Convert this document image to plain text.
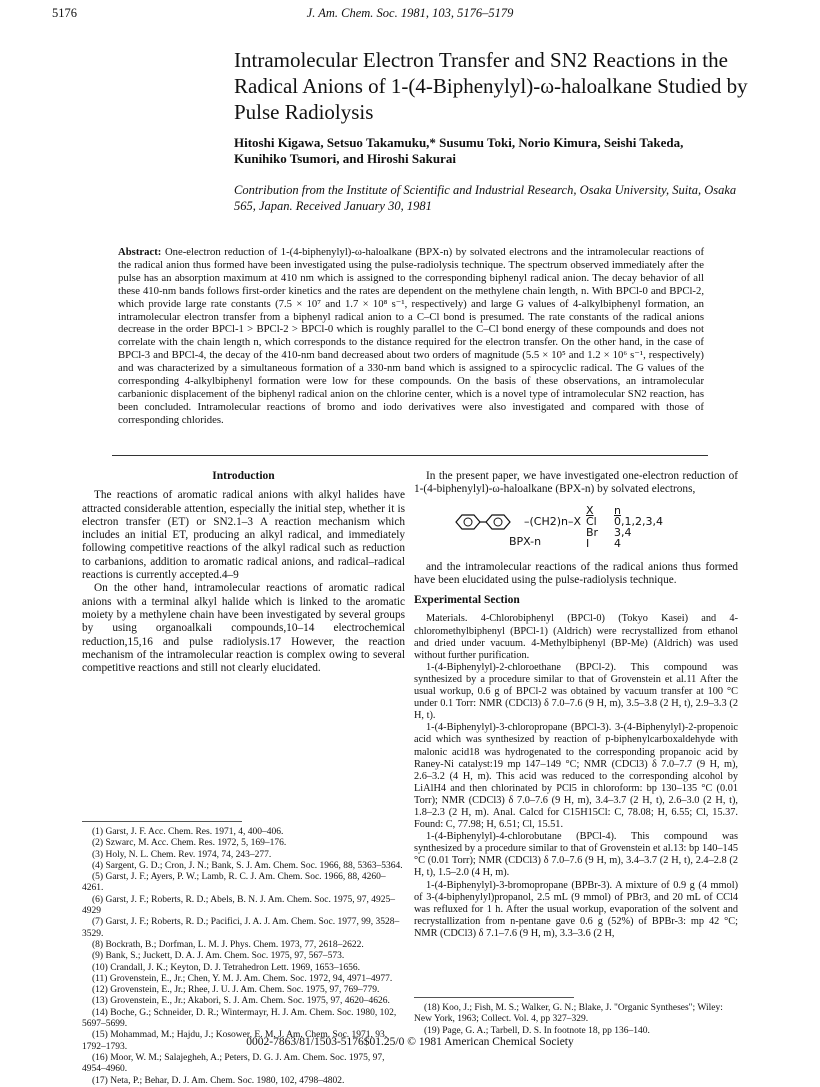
5176	J. Am. Chem. Soc. 1981, 103, 5176–5179
Intramolecular Electron Transfer and SN2 Reactions in the Radical Anions of 1-(4-Biphenylyl)-ω-haloalkane Studied by Pulse Radiolysis
Hitoshi Kigawa, Setsuo Takamuku,* Susumu Toki, Norio Kimura, Seishi Takeda, Kunihiko Tsumori, and Hiroshi Sakurai
Contribution from the Institute of Scientific and Industrial Research, Osaka University, Suita, Osaka 565, Japan. Received January 30, 1981
Abstract: One-electron reduction of 1-(4-biphenylyl)-ω-haloalkane (BPX-n) by solvated electrons and the intramolecular reactions of the radical anion thus formed have been investigated using the pulse-radiolysis technique. The spectrum observed immediately after the pulse has an absorption maximum at 410 nm which is assigned to the corresponding biphenyl radical anion. The decay behavior of all these 410-nm bands follows first-order kinetics and the rates are dependent on the methylene chain length, n. With BPCl-0 and BPCl-2, which provide large rate constants (7.5 × 10⁷ and 1.7 × 10⁸ s⁻¹, respectively) and large G values of 4-alkylbiphenyl formation, an intramolecular electron transfer from a biphenyl radical anion to a C–Cl bond is presumed. The rate constants of the radical anions decrease in the order BPCl-1 > BPCl-2 > BPCl-0 which is roughly parallel to the C–Cl bond energy of these compounds and does not correlate with the chain length n, which corresponds to the distance required for the electron transfer. On the other hand, in the case of BPCl-3 and BPCl-4, the decay of the 410-nm band decreased about two orders of magnitude (5.5 × 10⁵ and 1.2 × 10⁶ s⁻¹, respectively) and was characterized by a simultaneous formation of a 330-nm band which is assigned to a spirocyclic radical. The G values of the corresponding 4-alkylbiphenyl formation were low for these compounds. On the basis of these observations, an intramolecular carbanionic displacement of the biphenyl radical anion on the chlorine center, which is a novel type of intramolecular SN2 reaction, has been concluded. Intramolecular reactions of bromo and iodo derivatives were also investigated and compared with those of corresponding chlorides.
Introduction

The reactions of aromatic radical anions with alkyl halides have attracted considerable attention, especially the initial step, whether it is electron transfer (ET) or SN2.1–3 A reaction mechanism which includes an initial ET, producing an alkyl radical, and immediately following competitive reactions of the alkyl radical such as reduction to carbanions, addition to aromatic radical anions, and radical–radical reactions is currently accepted.4–9

On the other hand, intramolecular reactions of aromatic radical anions with a terminal alkyl halide which is linked to the aromatic moiety by a methylene chain have been investigated by several groups by using organoalkali compounds,10–14 electrochemical reduction,15,16 and pulse radiolysis.17 However, the reaction mechanism of the intramolecular reaction is complex owing to several competitive reactions and still not clearly elucidated.

(1) Garst, J. F. Acc. Chem. Res. 1971, 4, 400–406.

(2) Szwarc, M. Acc. Chem. Res. 1972, 5, 169–176.

(3) Holy, N. L. Chem. Rev. 1974, 74, 243–277.

(4) Sargent, G. D.; Cron, J. N.; Bank, S. J. Am. Chem. Soc. 1966, 88, 5363–5364.

(5) Garst, J. F.; Ayers, P. W.; Lamb, R. C. J. Am. Chem. Soc. 1966, 88, 4260–4261.

(6) Garst, J. F.; Roberts, R. D.; Abels, B. N. J. Am. Chem. Soc. 1975, 97, 4925–4929

(7) Garst, J. F.; Roberts, R. D.; Pacifici, J. A. J. Am. Chem. Soc. 1977, 99, 3528–3529.

(8) Bockrath, B.; Dorfman, L. M. J. Phys. Chem. 1973, 77, 2618–2622.

(9) Bank, S.; Juckett, D. A. J. Am. Chem. Soc. 1975, 97, 567–573.

(10) Crandall, J. K.; Keyton, D. J. Tetrahedron Lett. 1969, 1653–1656.

(11) Grovenstein, E., Jr.; Chen, Y. M. J. Am. Chem. Soc. 1972, 94, 4971–4977.

(12) Grovenstein, E., Jr.; Rhee, J. U. J. Am. Chem. Soc. 1975, 97, 769–779.

(13) Grovenstein, E., Jr.; Akabori, S. J. Am. Chem. Soc. 1975, 97, 4620–4626.

(14) Boche, G.; Schneider, D. R.; Wintermayr, H. J. Am. Chem. Soc. 1980, 102, 5697–5699.

(15) Mohammad, M.; Hajdu, J.; Kosower, E. M. J. Am. Chem. Soc. 1971, 93, 1792–1793.

(16) Moor, W. M.; Salajegheh, A.; Peters, D. G. J. Am. Chem. Soc. 1975, 97, 4954–4960.

(17) Neta, P.; Behar, D. J. Am. Chem. Soc. 1980, 102, 4798–4802.

In the present paper, we have investigated one-electron reduction of 1-(4-biphenylyl)-ω-haloalkane (BPX-n) by solvated electrons,

–(CH2)n–X
BPX-n
X n
Cl 0,1,2,3,4
Br 3,4
I 4

and the intramolecular reactions of the radical anions thus formed have been elucidated using the pulse-radiolysis technique.

Experimental Section

Materials. 4-Chlorobiphenyl (BPCl-0) (Tokyo Kasei) and 4-chloromethylbiphenyl (BPCl-1) (Aldrich) were recrystallized from ethanol and dried under vacuum. 4-Methylbiphenyl (BP-Me) (Aldrich) was used without further purification.

1-(4-Biphenylyl)-2-chloroethane (BPCl-2). This compound was synthesized by a procedure similar to that of Grovenstein et al.11 After the usual workup, 0.6 g of BPCl-2 was obtained by vacuum transfer at 100 °C under 0.1 Torr: NMR (CDCl3) δ 7.0–7.6 (9 H, m), 3.5–3.8 (2 H, t), 2.9–3.3 (2 H, t).

1-(4-Biphenylyl)-3-chloropropane (BPCl-3). 3-(4-Biphenylyl)-2-propenoic acid which was synthesized by reaction of p-biphenylcarboxaldehyde with malonic acid18 was hydrogenated to the corresponding propanoic acid by Raney-Ni catalyst:19 mp 147–149 °C; NMR (CDCl3) δ 7.0–7.7 (9 H, m), 2.6–3.2 (4 H, m). This acid was reduced to the corresponding alcohol by LiAlH4 and then chlorinated by PCl5 in chloroform: bp 130–135 °C (0.01 Torr); NMR (CDCl3) δ 7.0–7.6 (9 H, m), 3.4–3.7 (2 H, t), 2.6–3.0 (2 H, t), 1.8–2.3 (2 H, m). Anal. Calcd for C15H15Cl: C, 78.08; H, 6.55; Cl, 15.37. Found: C, 77.98; H, 6.51; Cl, 15.51.

1-(4-Biphenylyl)-4-chlorobutane (BPCl-4). This compound was synthesized by a procedure similar to that of Grovenstein et al.13: bp 140–145 °C (0.01 Torr); NMR (CDCl3) δ 7.0–7.6 (9 H, m), 3.4–3.7 (2 H, t), 2.4–2.8 (2 H, t), 1.5–2.0 (4 H, m).

1-(4-Biphenylyl)-3-bromopropane (BPBr-3). A mixture of 0.9 g (4 mmol) of 3-(4-biphenylyl)propanol, 2.5 mL (9 mmol) of PBr3, and 20 mL of CCl4 was refluxed for 1 h. After the usual workup, evaporation of the solvent and recrystallization from n-pentane gave 0.6 g (52%) of BPBr-3: mp 42 °C; NMR (CDCl3) δ 7.1–7.6 (9 H, m), 3.3–3.6 (2 H,

(18) Koo, J.; Fish, M. S.; Walker, G. N.; Blake, J. "Organic Syntheses"; Wiley: New York, 1963; Collect. Vol. 4, pp 327–329.

(19) Page, G. A.; Tarbell, D. S. In footnote 18, pp 136–140.

0002-7863/81/1503-5176$01.25/0 © 1981 American Chemical Society
